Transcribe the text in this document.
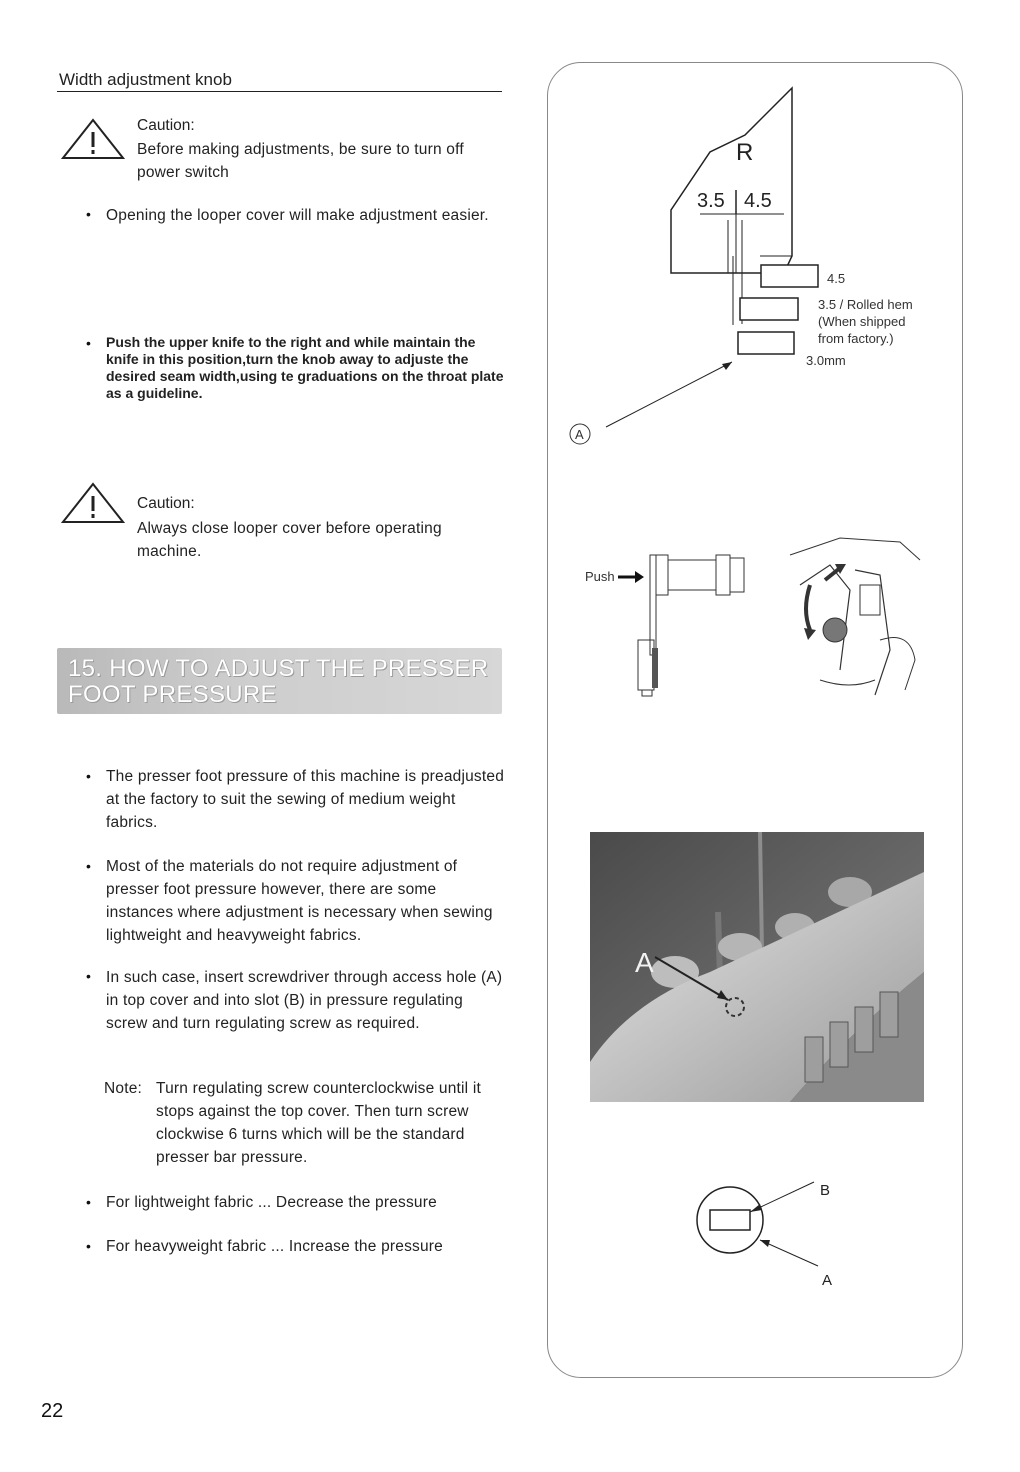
Width adjustment knob
Caution:
Before making adjustments, be sure to turn off power switch
• Opening the looper cover will make adjustment easier.
• Push the upper knife to the right and while maintain the knife in this position,turn the knob away to adjuste the desired seam width,using te graduations on the throat plate as a guideline.
Caution:
Always close looper cover before operating machine.
15. HOW TO ADJUST THE PRESSER FOOT PRESSURE
• The presser foot pressure of this machine is preadjusted at the factory to suit the sewing of medium weight fabrics.
• Most of the materials do not require adjustment of presser foot pressure however, there are some instances where adjustment is necessary when sewing lightweight and heavyweight fabrics.
• In such case, insert screwdriver through access hole (A) in top cover and into slot (B) in pressure regulating screw and turn regulating screw as required.
Note: Turn regulating screw counterclockwise until it stops against the top cover. Then turn screw clockwise 6 turns which will be the standard presser bar pressure.
• For lightweight fabric ... Decrease the pressure
• For heavyweight fabric ... Increase the pressure
22
R
3.5 4.5
4.5
3.5 / Rolled hem
(When shipped
from factory.)
3.0mm
A
Push
A
B
A
